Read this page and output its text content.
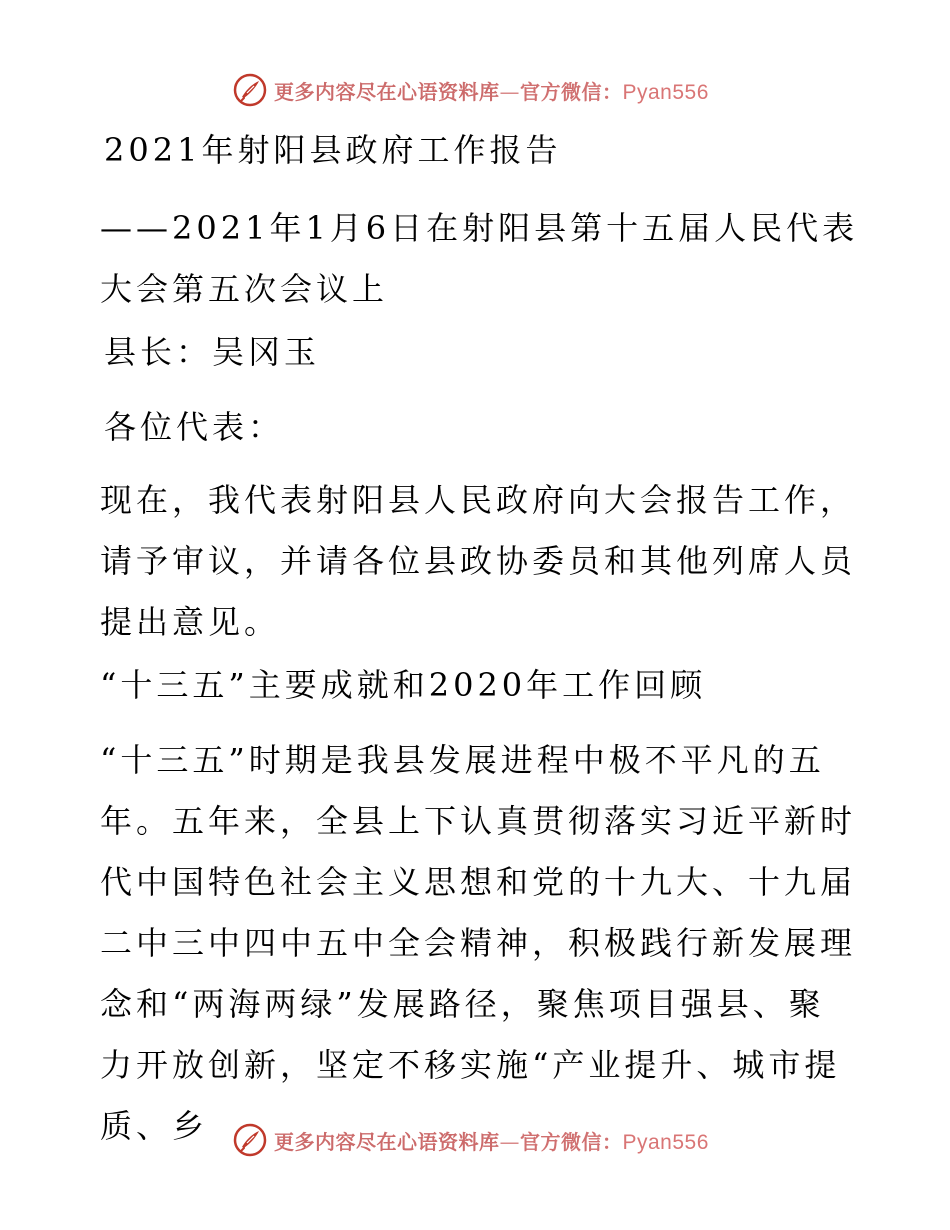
更多内容尽在心语资料库—官方微信：Pyan556

2021年射阳县政府工作报告

——2021年1月6日在射阳县第十五届人民代表大会第五次会议上

县长：吴冈玉

各位代表：

现在，我代表射阳县人民政府向大会报告工作，请予审议，并请各位县政协委员和其他列席人员提出意见。

“十三五”主要成就和2020年工作回顾

“十三五”时期是我县发展进程中极不平凡的五年。五年来，全县上下认真贯彻落实习近平新时代中国特色社会主义思想和党的十九大、十九届二中三中四中五中全会精神，积极践行新发展理念和“两海两绿”发展路径，聚焦项目强县、聚力开放创新，坚定不移实施“产业提升、城市提质、乡	更多内容尽在心语资料库—官方微信：Pyan556
